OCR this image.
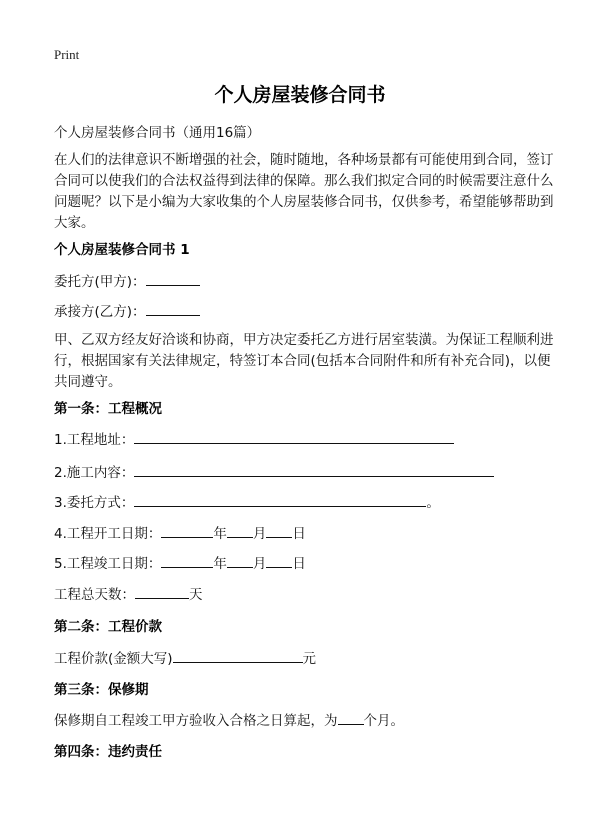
Print
个人房屋装修合同书
个人房屋装修合同书（通用16篇）
在人们的法律意识不断增强的社会，随时随地，各种场景都有可能使用到合同，签订合同可以使我们的合法权益得到法律的保障。那么我们拟定合同的时候需要注意什么问题呢？以下是小编为大家收集的个人房屋装修合同书，仅供参考，希望能够帮助到大家。
个人房屋装修合同书 1
委托方(甲方)：
承接方(乙方)：
甲、乙双方经友好洽谈和协商，甲方决定委托乙方进行居室装潢。为保证工程顺利进行，根据国家有关法律规定，特签订本合同(包括本合同附件和所有补充合同)，以便共同遵守。
第一条：工程概况
1.工程地址：
2.施工内容：
3.委托方式：	。
4.工程开工日期：	年 月 日
5.工程竣工日期：	年 月 日
工程总天数：	天
第二条：工程价款
工程价款(金额大写)	元
第三条：保修期
保修期自工程竣工甲方验收入合格之日算起，为 个月。
第四条：违约责任
